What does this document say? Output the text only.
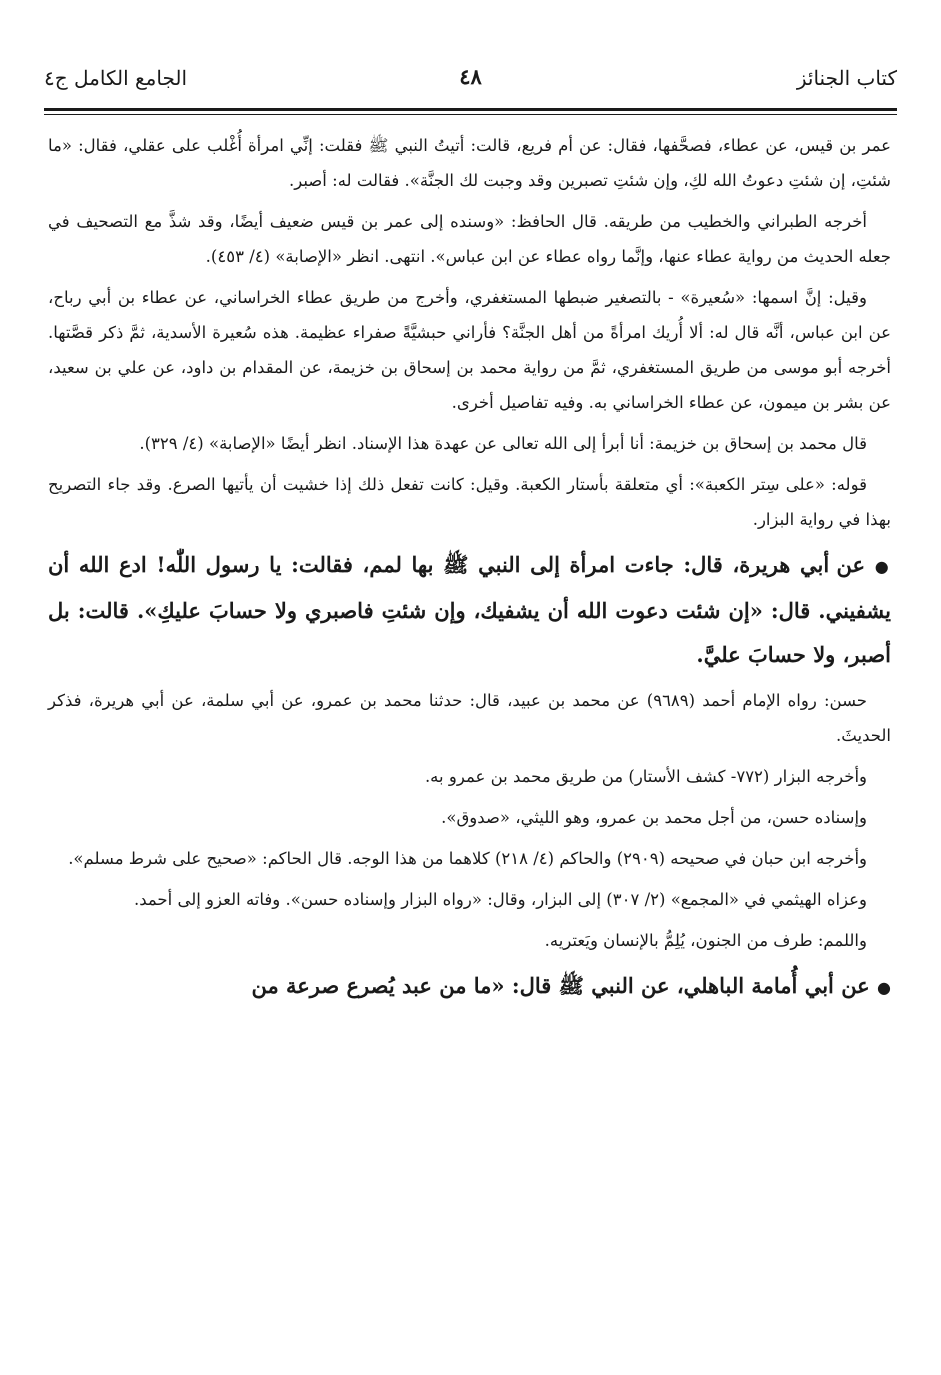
كتاب الجنائز
٤٨
الجامع الكامل ج٤

عمر بن قيس، عن عطاء، فصحَّفها، فقال: عن أم فريع، قالت: أتيتُ النبي ﷺ فقلت: إنِّي امرأة أُغْلب على عقلي، فقال: «ما شئتِ، إن شئتِ دعوتُ الله لكِ، وإن شئتِ تصبرين وقد وجبت لك الجنَّة». فقالت له: أصبر.

أخرجه الطبراني والخطيب من طريقه. قال الحافظ: «وسنده إلى عمر بن قيس ضعيف أيضًا، وقد شذَّ مع التصحيف في جعله الحديث من رواية عطاء عنها، وإنَّما رواه عطاء عن ابن عباس». انتهى. انظر «الإصابة» (٤/ ٤٥٣).

وقيل: إنَّ اسمها: «سُعيرة» - بالتصغير ضبطها المستغفري، وأخرج من طريق عطاء الخراساني، عن عطاء بن أبي رباح، عن ابن عباس، أنَّه قال له: ألا أُريك امرأةً من أهل الجنَّة؟ فأراني حبشيَّةً صفراء عظيمة. هذه سُعيرة الأسدية، ثمَّ ذكر قصَّتها. أخرجه أبو موسى من طريق المستغفري، ثمَّ من رواية محمد بن إسحاق بن خزيمة، عن المقدام بن داود، عن علي بن سعيد، عن بشر بن ميمون، عن عطاء الخراساني به. وفيه تفاصيل أخرى.

قال محمد بن إسحاق بن خزيمة: أنا أبرأ إلى الله تعالى عن عهدة هذا الإسناد. انظر أيضًا «الإصابة» (٤/ ٣٢٩).

قوله: «على سِتر الكعبة»: أي متعلقة بأستار الكعبة. وقيل: كانت تفعل ذلك إذا خشيت أن يأتيها الصرع. وقد جاء التصريح بهذا في رواية البزار.

● عن أبي هريرة، قال: جاءت امرأة إلى النبي ﷺ بها لمم، فقالت: يا رسول اللّٰه! ادع الله أن يشفيني. قال: «إن شئت دعوت الله أن يشفيك، وإن شئتِ فاصبري ولا حسابَ عليكِ». قالت: بل أصبر، ولا حسابَ عليَّ.

حسن: رواه الإمام أحمد (٩٦٨٩) عن محمد بن عبيد، قال: حدثنا محمد بن عمرو، عن أبي سلمة، عن أبي هريرة، فذكر الحديثَ.

وأخرجه البزار (٧٧٢- كشف الأستار) من طريق محمد بن عمرو به.

وإسناده حسن، من أجل محمد بن عمرو، وهو الليثي، «صدوق».

وأخرجه ابن حبان في صحيحه (٢٩٠٩) والحاكم (٤/ ٢١٨) كلاهما من هذا الوجه. قال الحاكم: «صحيح على شرط مسلم».

وعزاه الهيثمي في «المجمع» (٢/ ٣٠٧) إلى البزار، وقال: «رواه البزار وإسناده حسن». وفاته العزو إلى أحمد.

واللمم: طرف من الجنون، يُلِمُّ بالإنسان ويَعتريه.

● عن أبي أُمامة الباهلي، عن النبي ﷺ قال: «ما من عبد يُصرع صرعة من
